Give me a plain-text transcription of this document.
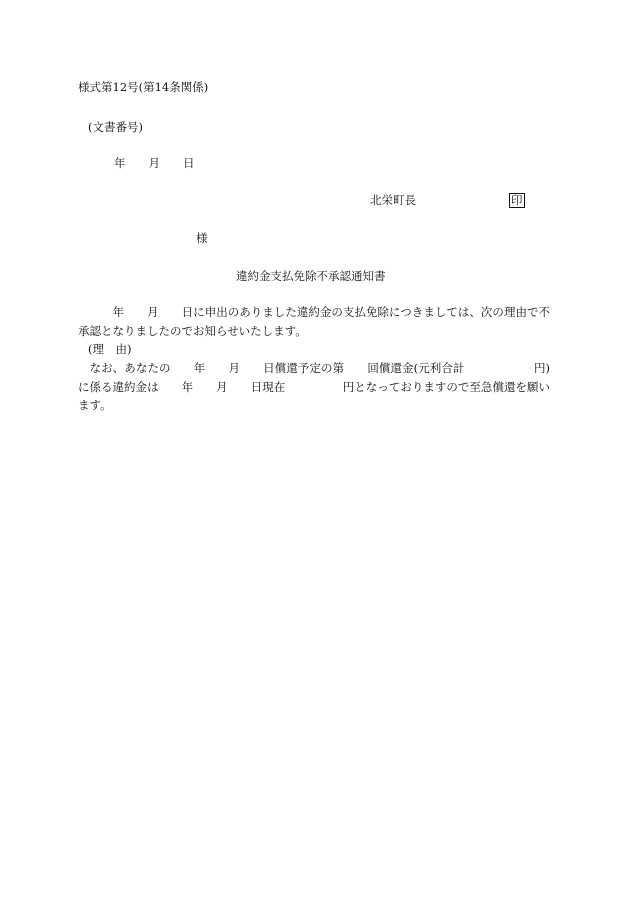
様式第12号(第14条関係)
(文書番号)
年　　月　　日
北栄町長	印
様
違約金支払免除不承認通知書
　　　年　　月　　日に申出のありました違約金の支払免除につきましては、次の理由で不承認となりましたのでお知らせいたします。
(理　由)
　なお、あなたの　　年　　月　　日償還予定の第　　回償還金(元利合計　　　　　　円)に係る違約金は　　年　　月　　日現在　　　　　円となっておりますので至急償還を願います。
